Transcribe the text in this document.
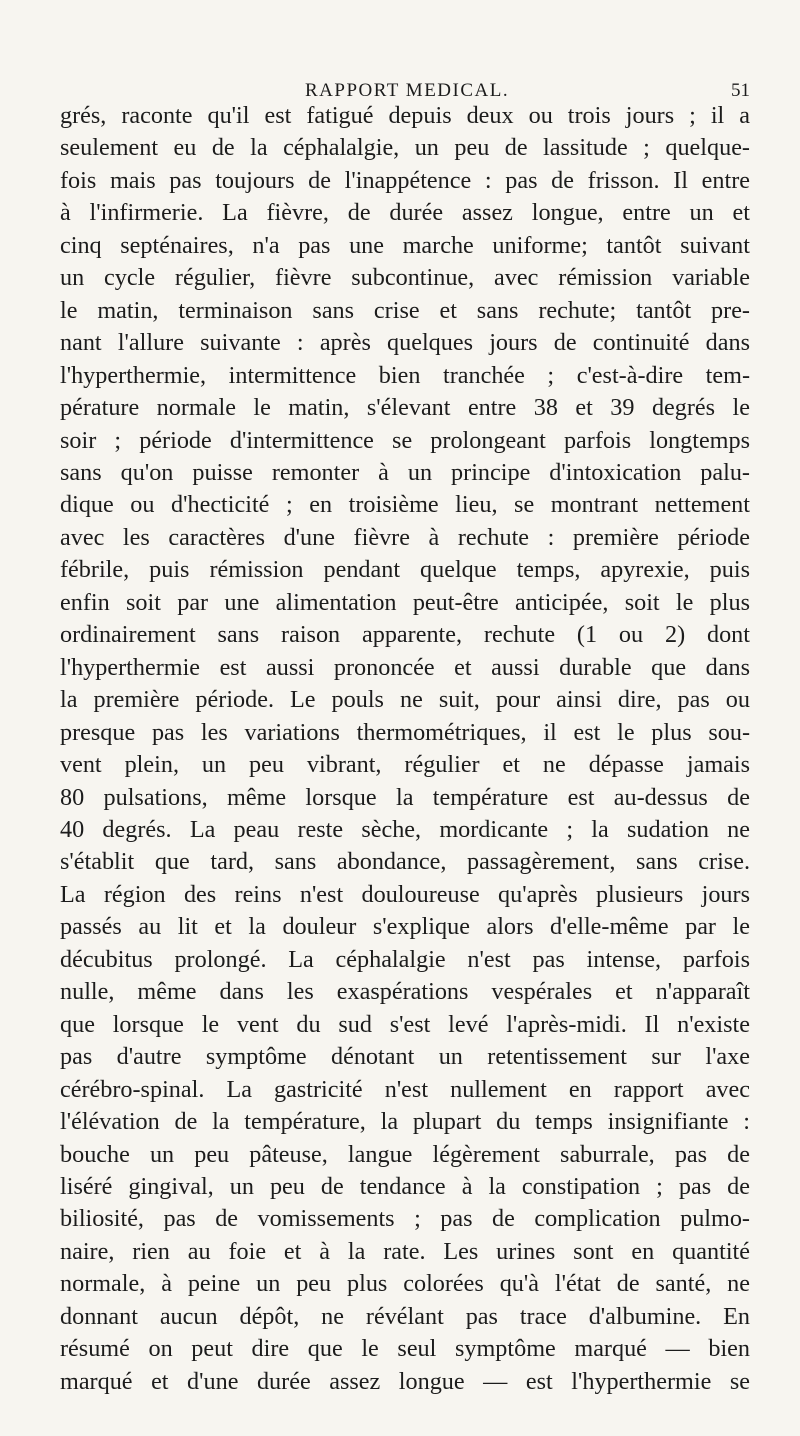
RAPPORT MEDICAL.	51

grés, raconte qu'il est fatigué depuis deux ou trois jours ; il a
seulement eu de la céphalalgie, un peu de lassitude ; quelque-
fois mais pas toujours de l'inappétence : pas de frisson. Il entre
à l'infirmerie. La fièvre, de durée assez longue, entre un et
cinq septénaires, n'a pas une marche uniforme; tantôt suivant
un cycle régulier, fièvre subcontinue, avec rémission variable
le matin, terminaison sans crise et sans rechute; tantôt pre-
nant l'allure suivante : après quelques jours de continuité dans
l'hyperthermie, intermittence bien tranchée ; c'est-à-dire tem-
pérature normale le matin, s'élevant entre 38 et 39 degrés le
soir ; période d'intermittence se prolongeant parfois longtemps
sans qu'on puisse remonter à un principe d'intoxication palu-
dique ou d'hecticité ; en troisième lieu, se montrant nettement
avec les caractères d'une fièvre à rechute : première période
fébrile, puis rémission pendant quelque temps, apyrexie, puis
enfin soit par une alimentation peut-être anticipée, soit le plus
ordinairement sans raison apparente, rechute (1 ou 2) dont
l'hyperthermie est aussi prononcée et aussi durable que dans
la première période. Le pouls ne suit, pour ainsi dire, pas ou
presque pas les variations thermométriques, il est le plus sou-
vent plein, un peu vibrant, régulier et ne dépasse jamais
80 pulsations, même lorsque la température est au-dessus de
40 degrés. La peau reste sèche, mordicante ; la sudation ne
s'établit que tard, sans abondance, passagèrement, sans crise.
La région des reins n'est douloureuse qu'après plusieurs jours
passés au lit et la douleur s'explique alors d'elle-même par le
décubitus prolongé. La céphalalgie n'est pas intense, parfois
nulle, même dans les exaspérations vespérales et n'apparaît
que lorsque le vent du sud s'est levé l'après-midi. Il n'existe
pas d'autre symptôme dénotant un retentissement sur l'axe
cérébro-spinal. La gastricité n'est nullement en rapport avec
l'élévation de la température, la plupart du temps insignifiante :
bouche un peu pâteuse, langue légèrement saburrale, pas de
liséré gingival, un peu de tendance à la constipation ; pas de
biliosité, pas de vomissements ; pas de complication pulmo-
naire, rien au foie et à la rate. Les urines sont en quantité
normale, à peine un peu plus colorées qu'à l'état de santé, ne
donnant aucun dépôt, ne révélant pas trace d'albumine. En
résumé on peut dire que le seul symptôme marqué — bien
marqué et d'une durée assez longue — est l'hyperthermie se
